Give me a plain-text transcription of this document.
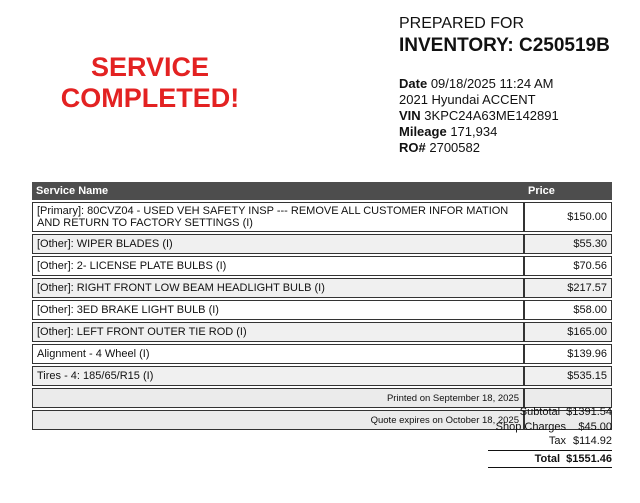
SERVICE
COMPLETED!
PREPARED FOR
INVENTORY: C250519B
Date 09/18/2025 11:24 AM
2021 Hyundai ACCENT
VIN 3KPC24A63ME142891
Mileage 171,934
RO# 2700582
Service Name	Price
[Primary]: 80CVZ04 - USED VEH SAFETY INSP --- REMOVE ALL CUSTOMER INFOR MATION AND RETURN TO FACTORY SETTINGS (I)	$150.00
[Other]: WIPER BLADES (I)	$55.30
[Other]: 2- LICENSE PLATE BULBS (I)	$70.56
[Other]: RIGHT FRONT LOW BEAM HEADLIGHT BULB (I)	$217.57
[Other]: 3ED BRAKE LIGHT BULB (I)	$58.00
[Other]: LEFT FRONT OUTER TIE ROD (I)	$165.00
Alignment - 4 Wheel (I)	$139.96
Tires - 4: 185/65/R15 (I)	$535.15
Printed on September 18, 2025	
Quote expires on October 18, 2025	
Subtotal $1391.54
Shop Charges	$45.00
Tax $114.92
Total $1551.46
